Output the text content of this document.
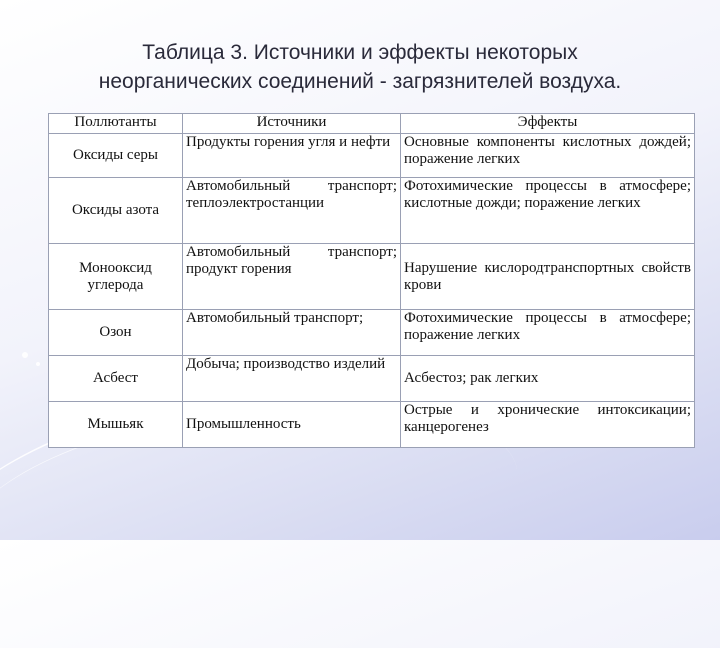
Таблица 3. Источники и эффекты некоторых
неорганических соединений - загрязнителей воздуха.
Поллютанты	Источники	Эффекты
Оксиды серы	Продукты горения угля и нефти	Основные компоненты кислотных дождей; поражение легких
Оксиды азота	Автомобильный транспорт; теплоэлектростанции	Фотохимические процессы в атмосфере; кислотные дожди; поражение легких
Монооксид углерода	Автомобильный транспорт; продукт горения	Нарушение кислородтранспортных свойств крови
Озон	Автомобильный транспорт;	Фотохимические процессы в атмосфере; поражение легких
Асбест	Добыча; производство изделий	Асбестоз; рак легких
Мышьяк	Промышленность	Острые и хронические интоксикации; канцерогенез
